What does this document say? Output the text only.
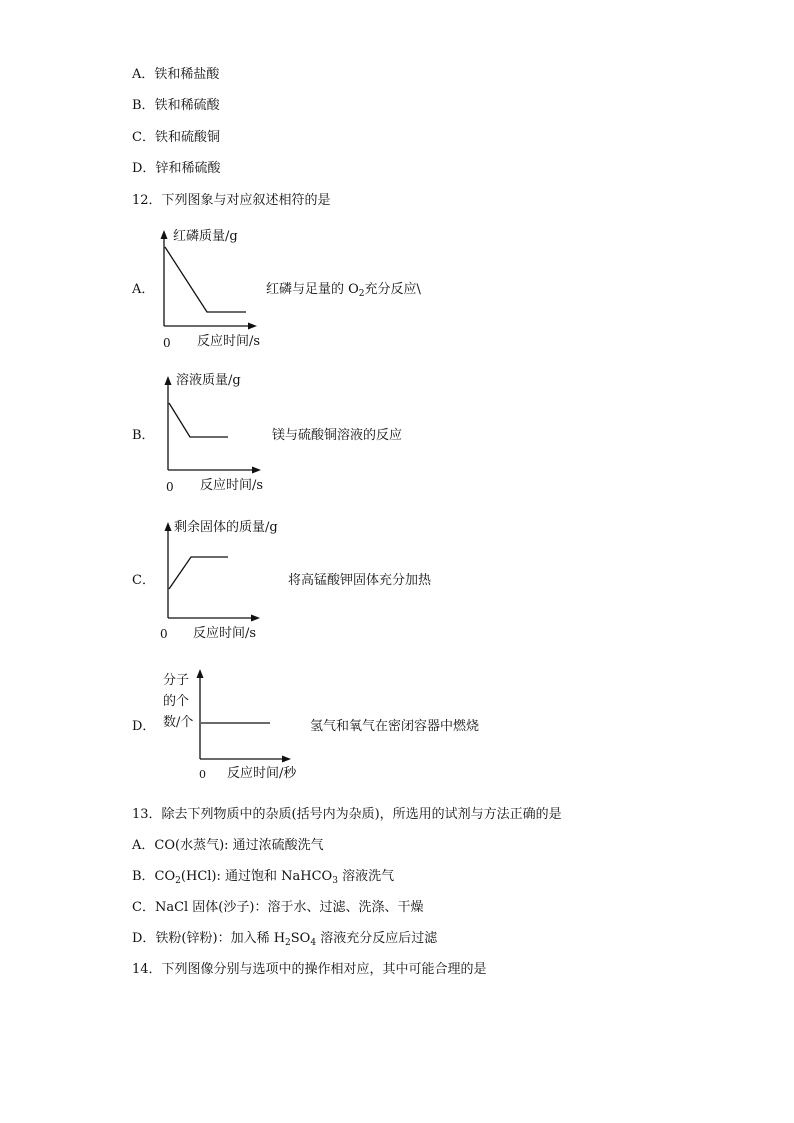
A．铁和稀盐酸
B．铁和稀硫酸
C．铁和硫酸铜
D．锌和稀硫酸
12．下列图象与对应叙述相符的是
A．
红磷质量/g
0 反应时间/s
红磷与足量的 $O_2$充分反应\
B．
溶液质量/g
0 反应时间/s
镁与硫酸铜溶液的反应
C．
剩余固体的质量/g
0 反应时间/s
将高锰酸钾固体充分加热
D．
分子
的个
数/个
0 反应时间/秒
氢气和氧气在密闭容器中燃烧
13．除去下列物质中的杂质(括号内为杂质)，所选用的试剂与方法正确的是
A．CO(水蒸气): 通过浓硫酸洗气
B．$CO_2(HCl)$: 通过饱和 NaHCO$_3$ 溶液洗气
C．NaCl 固体(沙子)：溶于水、过滤、洗涤、干燥
D．铁粉(锌粉)：加入稀 $H_2SO_4$ 溶液充分反应后过滤
14．下列图像分别与选项中的操作相对应，其中可能合理的是
